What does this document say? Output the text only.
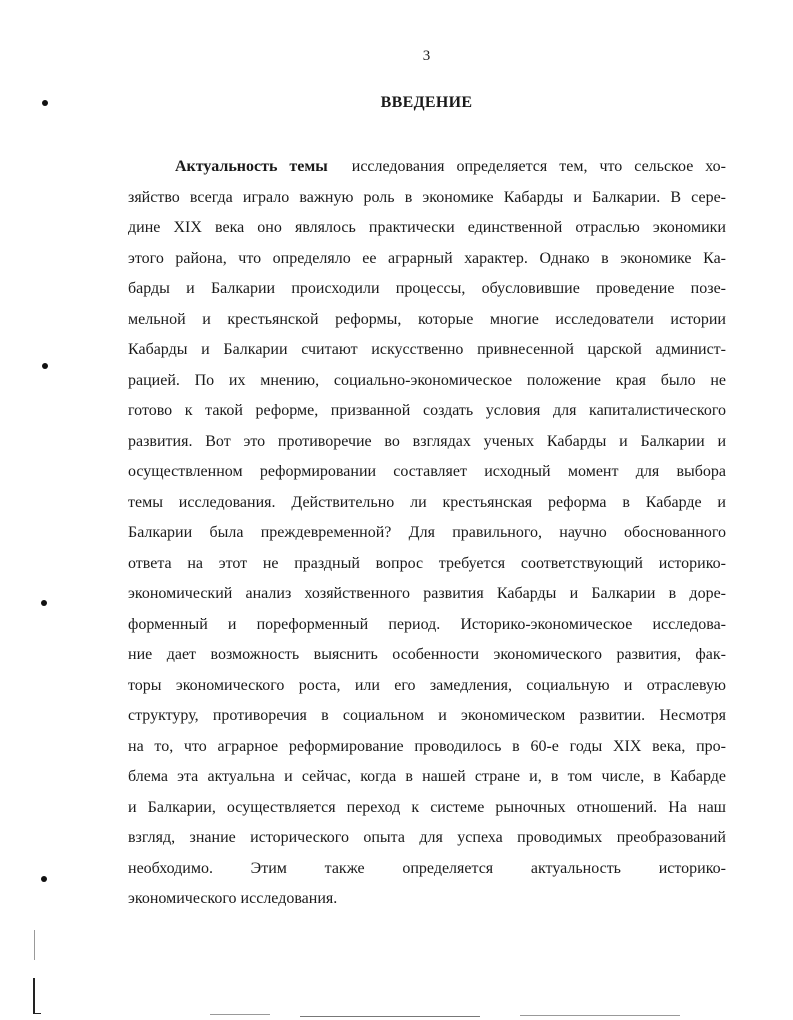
3
ВВЕДЕНИЕ
Актуальность темы исследования определяется тем, что сельское хо-
зяйство всегда играло важную роль в экономике Кабарды и Балкарии. В сере-
дине XIX века оно являлось практически единственной отраслью экономики
этого района, что определяло ее аграрный характер. Однако в экономике Ка-
барды и Балкарии происходили процессы, обусловившие проведение позе-
мельной и крестьянской реформы, которые многие исследователи истории
Кабарды и Балкарии считают искусственно привнесенной царской админист-
рацией. По их мнению, социально-экономическое положение края было не
готово к такой реформе, призванной создать условия для капиталистического
развития. Вот это противоречие во взглядах ученых Кабарды и Балкарии и
осуществленном реформировании составляет исходный момент для выбора
темы исследования. Действительно ли крестьянская реформа в Кабарде и
Балкарии была преждевременной? Для правильного, научно обоснованного
ответа на этот не праздный вопрос требуется соответствующий историко-
экономический анализ хозяйственного развития Кабарды и Балкарии в доре-
форменный и пореформенный период. Историко-экономическое исследова-
ние дает возможность выяснить особенности экономического развития, фак-
торы экономического роста, или его замедления, социальную и отраслевую
структуру, противоречия в социальном и экономическом развитии. Несмотря
на то, что аграрное реформирование проводилось в 60-е годы XIX века, про-
блема эта актуальна и сейчас, когда в нашей стране и, в том числе, в Кабарде
и Балкарии, осуществляется переход к системе рыночных отношений. На наш
взгляд, знание исторического опыта для успеха проводимых преобразований
необходимо. Этим также определяется актуальность историко-
экономического исследования.
